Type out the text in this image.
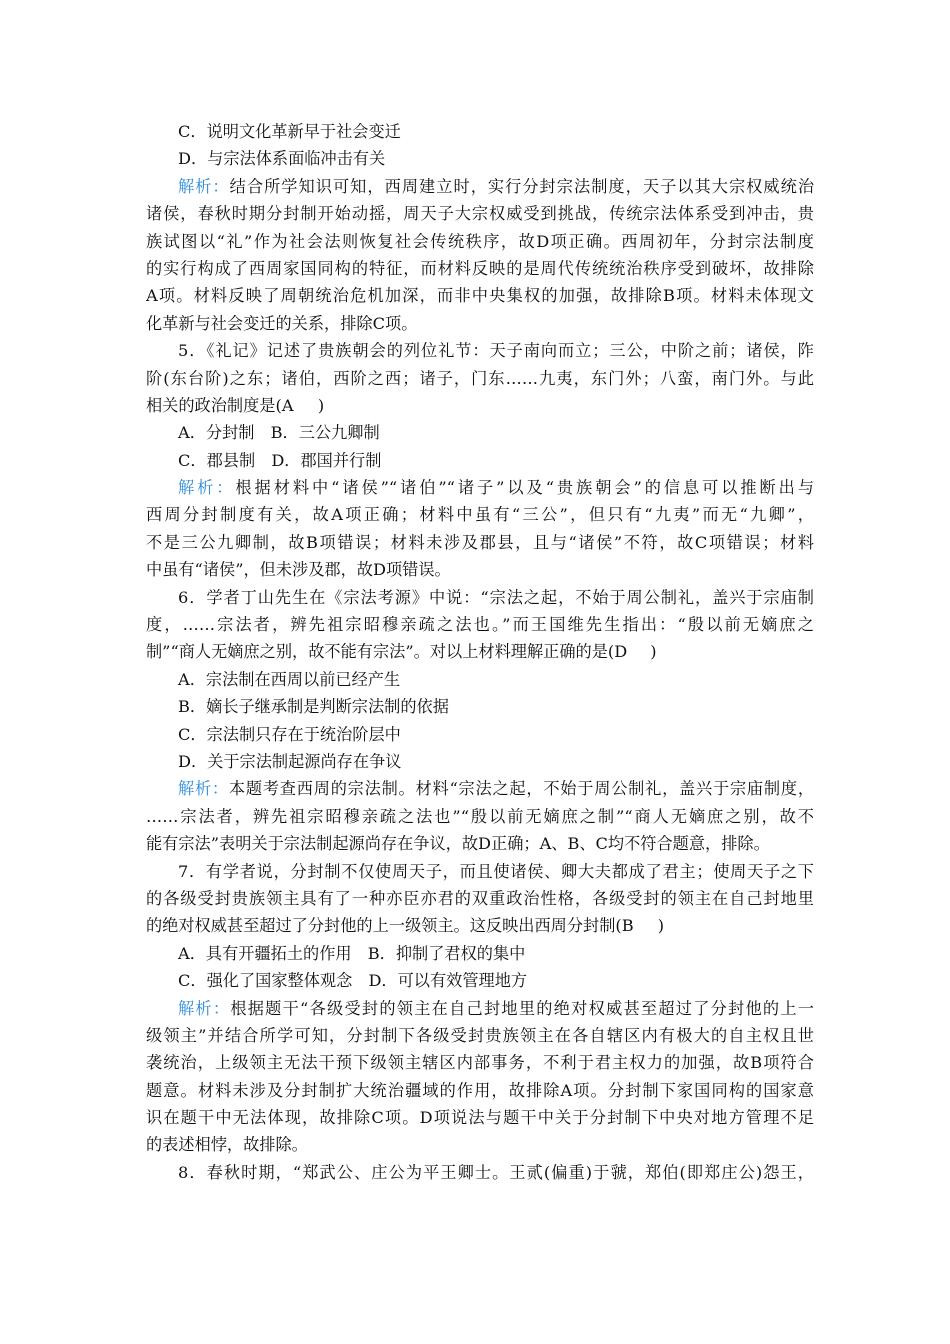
C．说明文化革新早于社会变迁
D．与宗法体系面临冲击有关
解析：结合所学知识可知，西周建立时，实行分封宗法制度，天子以其大宗权威统治
诸侯，春秋时期分封制开始动摇，周天子大宗权威受到挑战，传统宗法体系受到冲击，贵
族试图以“礼”作为社会法则恢复社会传统秩序，故D项正确。西周初年，分封宗法制度
的实行构成了西周家国同构的特征，而材料反映的是周代传统统治秩序受到破坏，故排除
A项。材料反映了周朝统治危机加深，而非中央集权的加强，故排除B项。材料未体现文
化革新与社会变迁的关系，排除C项。
5．《礼记》记述了贵族朝会的列位礼节：天子南向而立；三公，中阶之前；诸侯，阼
阶(东台阶)之东；诸伯，西阶之西；诸子，门东……九夷，东门外；八蛮，南门外。与此
相关的政治制度是(A )
A．分封制　B．三公九卿制
C．郡县制　D．郡国并行制
解析：根据材料中“诸侯”“诸伯”“诸子”以及“贵族朝会”的信息可以推断出与
西周分封制度有关，故A项正确；材料中虽有“三公”，但只有“九夷”而无“九卿”，
不是三公九卿制，故B项错误；材料未涉及郡县，且与“诸侯”不符，故C项错误；材料
中虽有“诸侯”，但未涉及郡，故D项错误。
6．学者丁山先生在《宗法考源》中说：“宗法之起，不始于周公制礼，盖兴于宗庙制
度，……宗法者，辨先祖宗昭穆亲疏之法也。”而王国维先生指出：“殷以前无嫡庶之
制”“商人无嫡庶之别，故不能有宗法”。对以上材料理解正确的是(D )
A．宗法制在西周以前已经产生
B．嫡长子继承制是判断宗法制的依据
C．宗法制只存在于统治阶层中
D．关于宗法制起源尚存在争议
解析：本题考查西周的宗法制。材料“宗法之起，不始于周公制礼，盖兴于宗庙制度，
……宗法者，辨先祖宗昭穆亲疏之法也”“殷以前无嫡庶之制”“商人无嫡庶之别，故不
能有宗法”表明关于宗法制起源尚存在争议，故D正确；A、B、C均不符合题意，排除。
7．有学者说，分封制不仅使周天子，而且使诸侯、卿大夫都成了君主；使周天子之下
的各级受封贵族领主具有了一种亦臣亦君的双重政治性格，各级受封的领主在自己封地里
的绝对权威甚至超过了分封他的上一级领主。这反映出西周分封制(B )
A．具有开疆拓土的作用　B．抑制了君权的集中
C．强化了国家整体观念　D．可以有效管理地方
解析：根据题干“各级受封的领主在自己封地里的绝对权威甚至超过了分封他的上一
级领主”并结合所学可知，分封制下各级受封贵族领主在各自辖区内有极大的自主权且世
袭统治，上级领主无法干预下级领主辖区内部事务，不利于君主权力的加强，故B项符合
题意。材料未涉及分封制扩大统治疆域的作用，故排除A项。分封制下家国同构的国家意
识在题干中无法体现，故排除C项。D项说法与题干中关于分封制下中央对地方管理不足
的表述相悖，故排除。
8．春秋时期，“郑武公、庄公为平王卿士。王贰(偏重)于虢，郑伯(即郑庄公)怨王，
